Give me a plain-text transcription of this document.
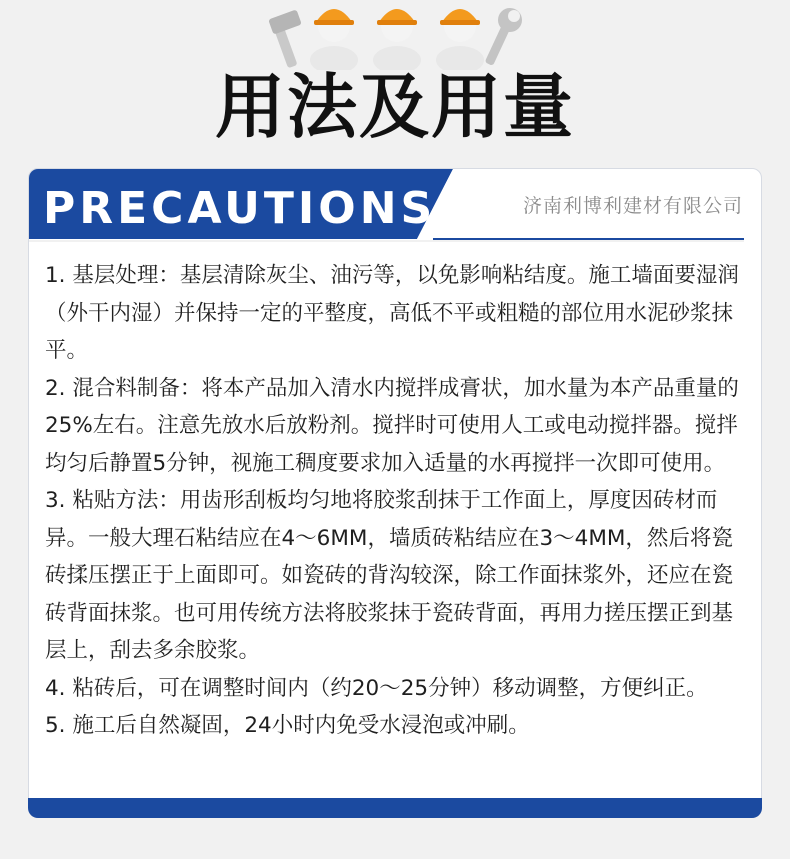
用法及用量
PRECAUTIONS	济南利博利建材有限公司

1. 基层处理：基层清除灰尘、油污等，以免影响粘结度。施工墙面要湿润（外干内湿）并保持一定的平整度，高低不平或粗糙的部位用水泥砂浆抹平。

2. 混合料制备：将本产品加入清水内搅拌成膏状，加水量为本产品重量的25%左右。注意先放水后放粉剂。搅拌时可使用人工或电动搅拌器。搅拌均匀后静置5分钟，视施工稠度要求加入适量的水再搅拌一次即可使用。

3. 粘贴方法：用齿形刮板均匀地将胶浆刮抹于工作面上，厚度因砖材而异。一般大理石粘结应在4～6MM，墙质砖粘结应在3～4MM，然后将瓷砖揉压摆正于上面即可。如瓷砖的背沟较深，除工作面抹浆外，还应在瓷砖背面抹浆。也可用传统方法将胶浆抹于瓷砖背面，再用力搓压摆正到基层上，刮去多余胶浆。

4. 粘砖后，可在调整时间内（约20～25分钟）移动调整，方便纠正。

5. 施工后自然凝固，24小时内免受水浸泡或冲刷。
